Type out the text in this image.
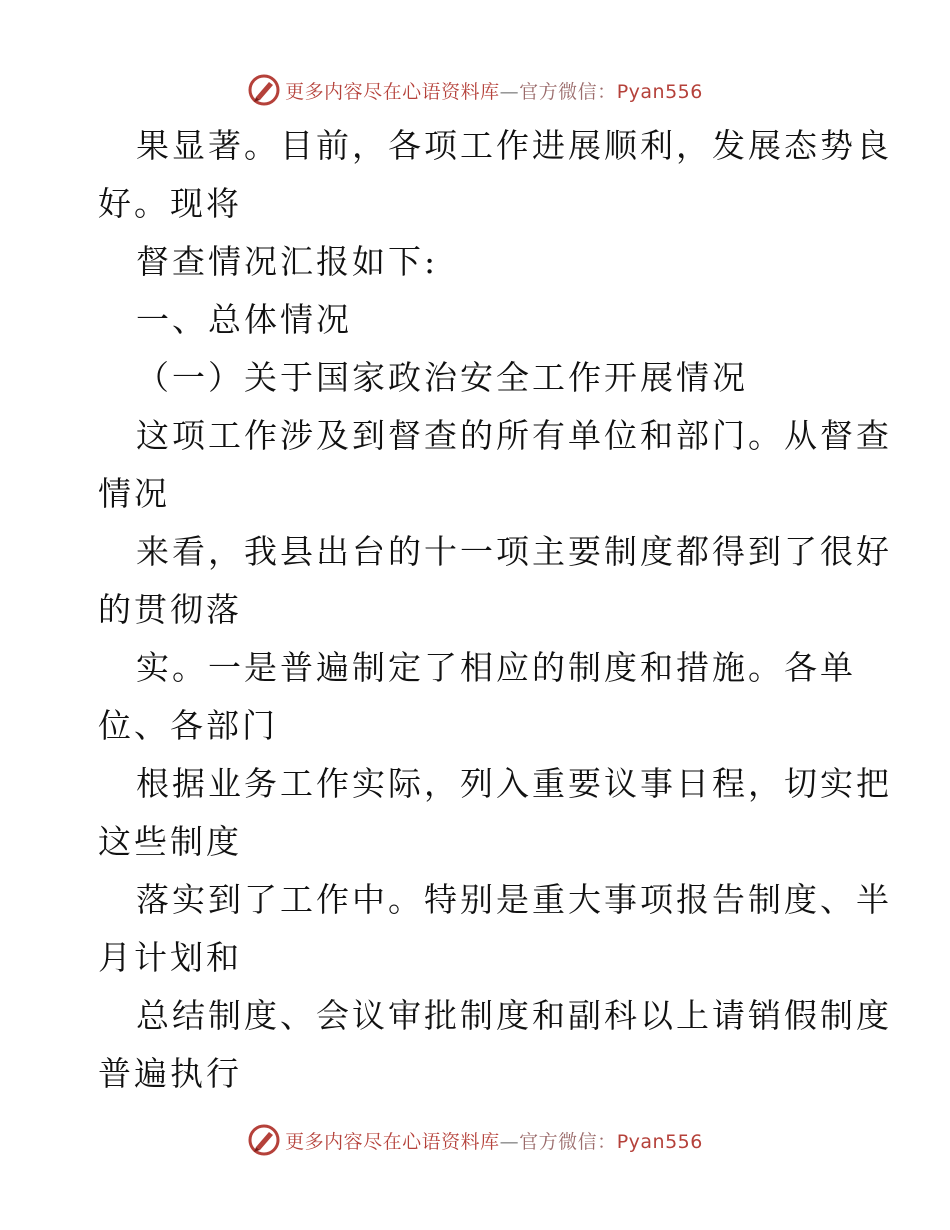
更多内容尽在心语资料库—官方微信：Pyan556
果显著。目前，各项工作进展顺利，发展态势良
好。现将
督查情况汇报如下:
一、总体情况
（一）关于国家政治安全工作开展情况
这项工作涉及到督查的所有单位和部门。从督查
情况
来看，我县出台的十一项主要制度都得到了很好
的贯彻落
实。一是普遍制定了相应的制度和措施。各单
位、各部门
根据业务工作实际，列入重要议事日程，切实把
这些制度
落实到了工作中。特别是重大事项报告制度、半
月计划和
总结制度、会议审批制度和副科以上请销假制度
普遍执行
更多内容尽在心语资料库—官方微信：Pyan556
